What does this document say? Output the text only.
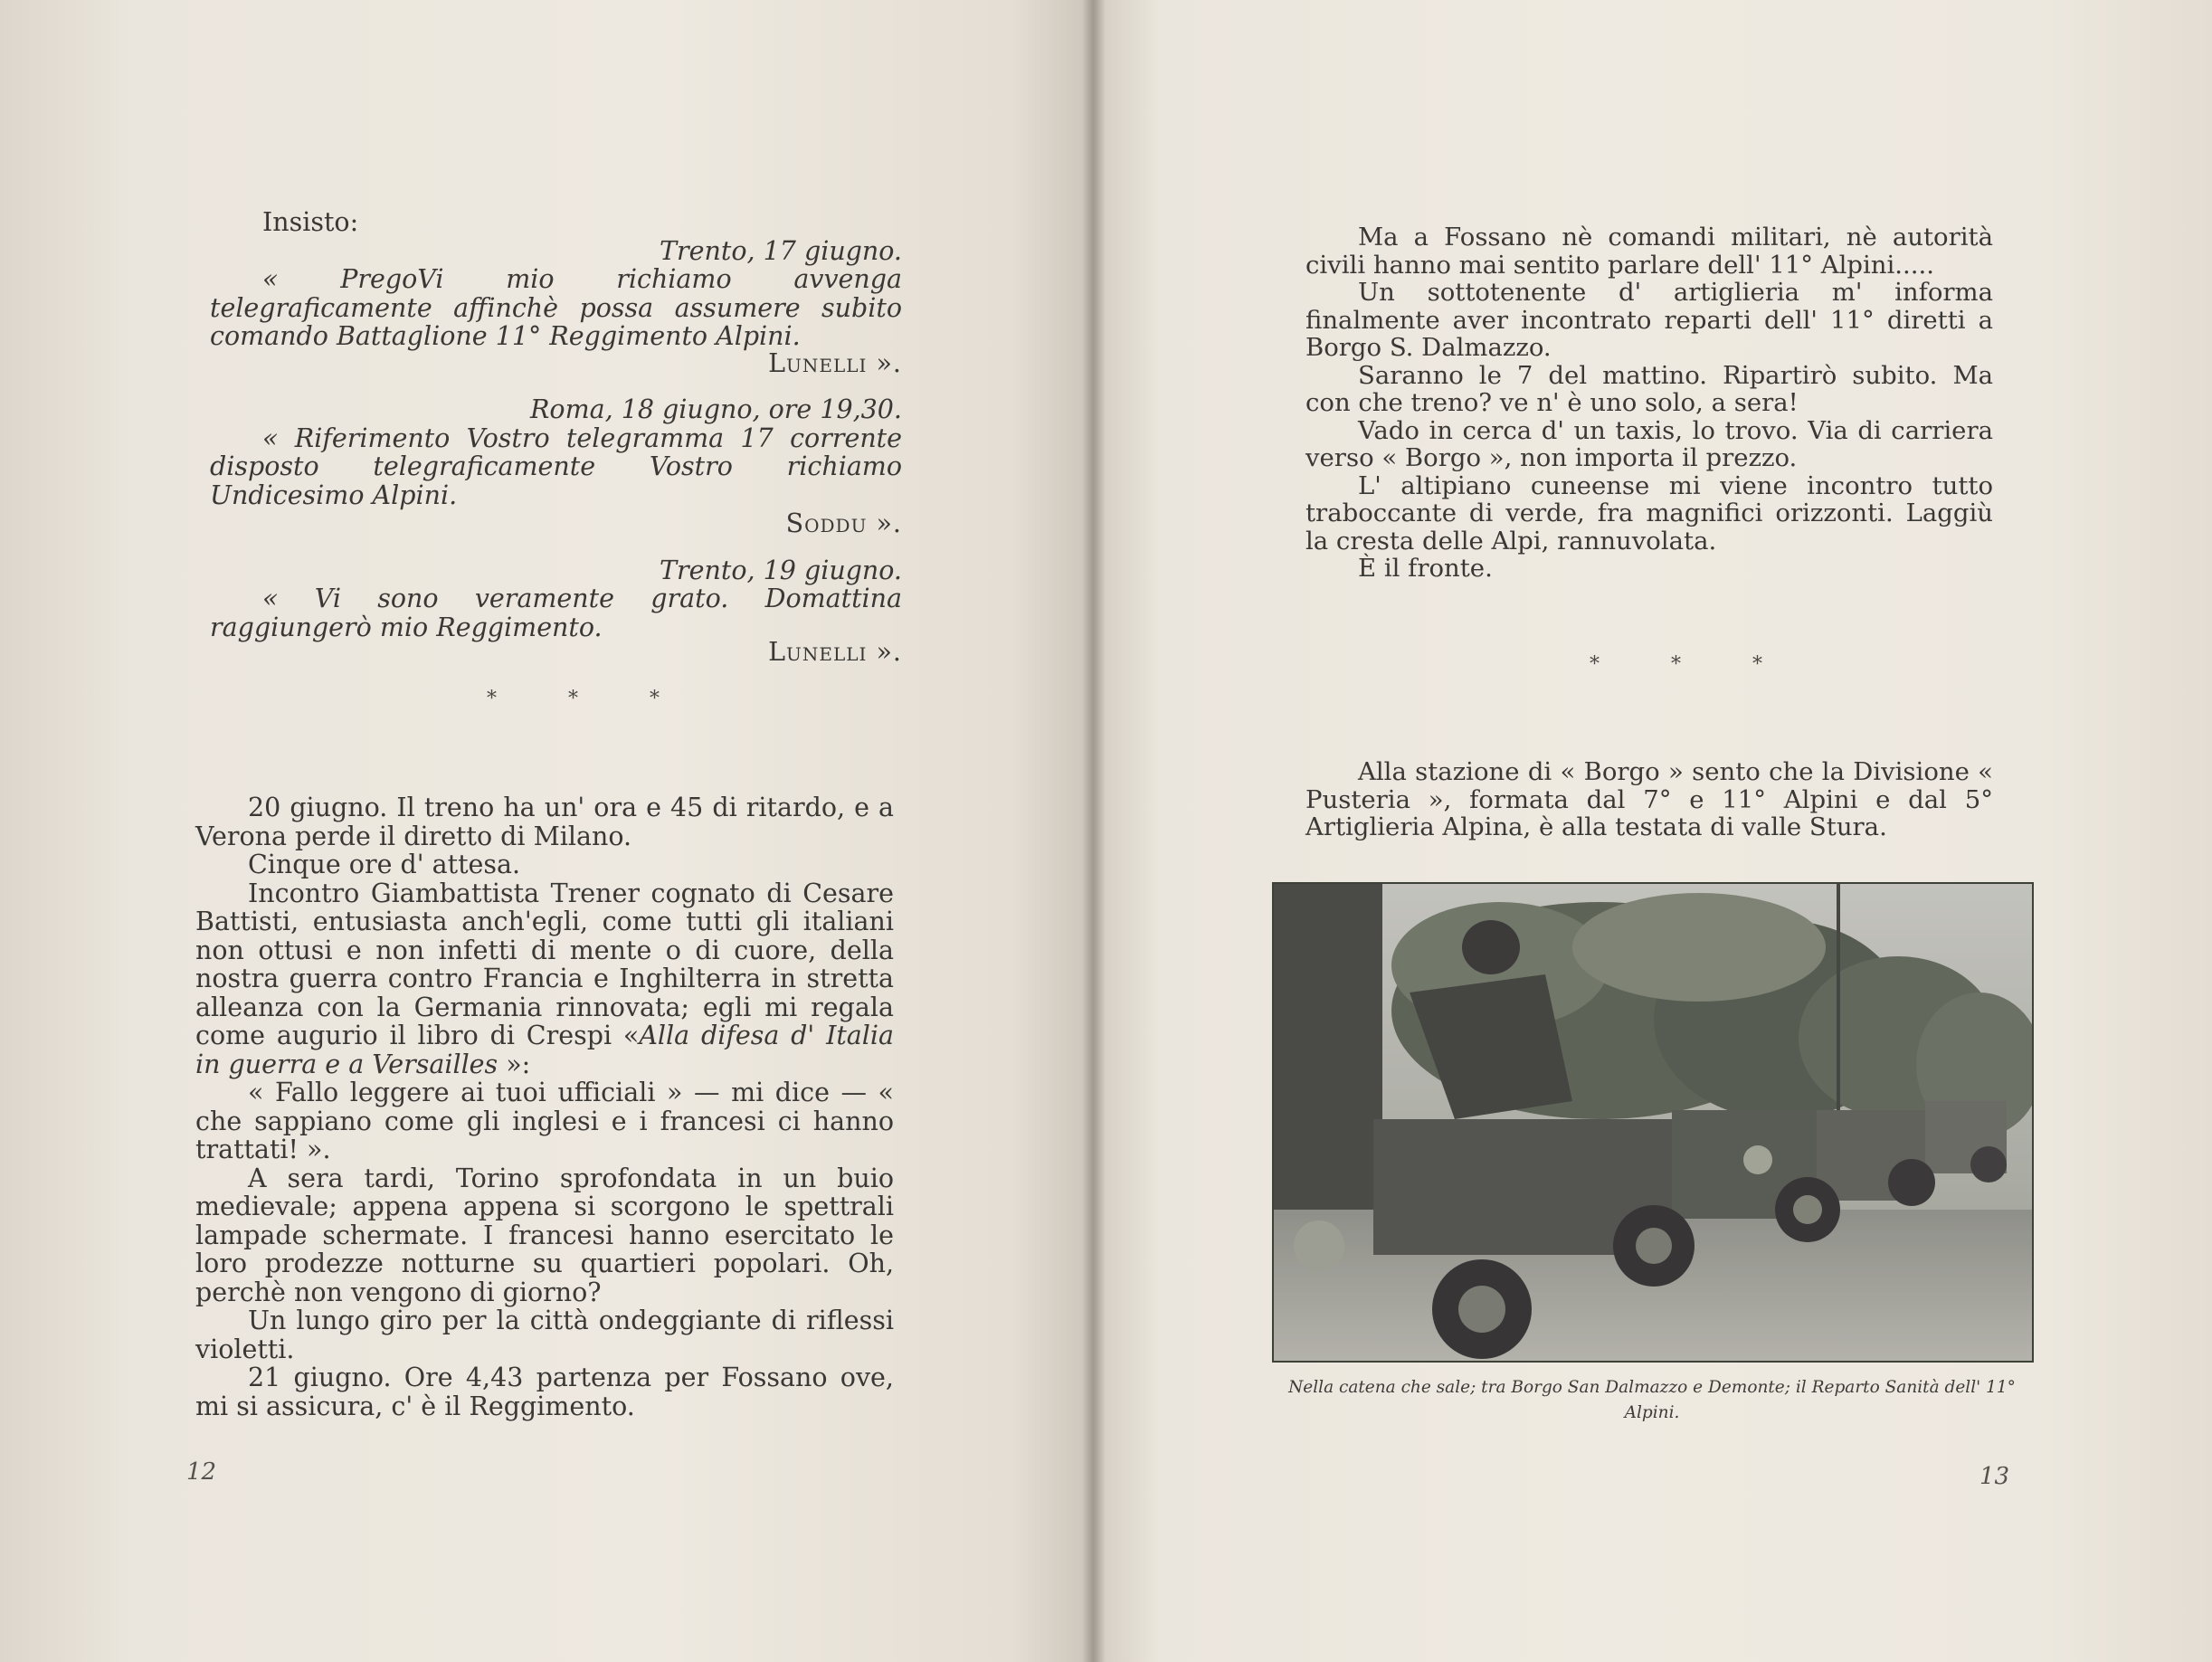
Insisto:

Trento, 17 giugno.

« PregoVi mio richiamo avvenga telegraficamente affinchè possa assumere subito comando Battaglione 11° Reggimento Alpini.

Lunelli ».

Roma, 18 giugno, ore 19,30.

« Riferimento Vostro telegramma 17 corrente disposto telegraficamente Vostro richiamo Undicesimo Alpini.

Soddu ».

Trento, 19 giugno.

« Vi sono veramente grato. Domattina raggiungerò mio Reggimento.

Lunelli ».

* * *

20 giugno. Il treno ha un' ora e 45 di ritardo, e a Verona perde il diretto di Milano.

Cinque ore d' attesa.

Incontro Giambattista Trener cognato di Cesare Battisti, entusiasta anch'egli, come tutti gli italiani non ottusi e non infetti di mente o di cuore, della nostra guerra contro Francia e Inghilterra in stretta alleanza con la Germania rinnovata; egli mi regala come augurio il libro di Crespi «Alla difesa d' Italia in guerra e a Versailles »:

« Fallo leggere ai tuoi ufficiali » — mi dice — « che sappiano come gli inglesi e i francesi ci hanno trattati! ».

A sera tardi, Torino sprofondata in un buio medievale; appena appena si scorgono le spettrali lampade schermate. I francesi hanno esercitato le loro prodezze notturne su quartieri popolari. Oh, perchè non vengono di giorno?

Un lungo giro per la città ondeggiante di riflessi violetti.

21 giugno. Ore 4,43 partenza per Fossano ove, mi si assicura, c' è il Reggimento.

12

Ma a Fossano nè comandi militari, nè autorità civili hanno mai sentito parlare dell' 11° Alpini.....

Un sottotenente d' artiglieria m' informa finalmente aver incontrato reparti dell' 11° diretti a Borgo S. Dalmazzo.

Saranno le 7 del mattino. Ripartirò subito. Ma con che treno? ve n' è uno solo, a sera!

Vado in cerca d' un taxis, lo trovo. Via di carriera verso « Borgo », non importa il prezzo.

L' altipiano cuneense mi viene incontro tutto traboccante di verde, fra magnifici orizzonti. Laggiù la cresta delle Alpi, rannuvolata.

È il fronte.

* * *

Alla stazione di « Borgo » sento che la Divisione « Pusteria », formata dal 7° e 11° Alpini e dal 5° Artiglieria Alpina, è alla testata di valle Stura.

Nella catena che sale; tra Borgo San Dalmazzo e Demonte; il Reparto Sanità dell' 11° Alpini.
13
